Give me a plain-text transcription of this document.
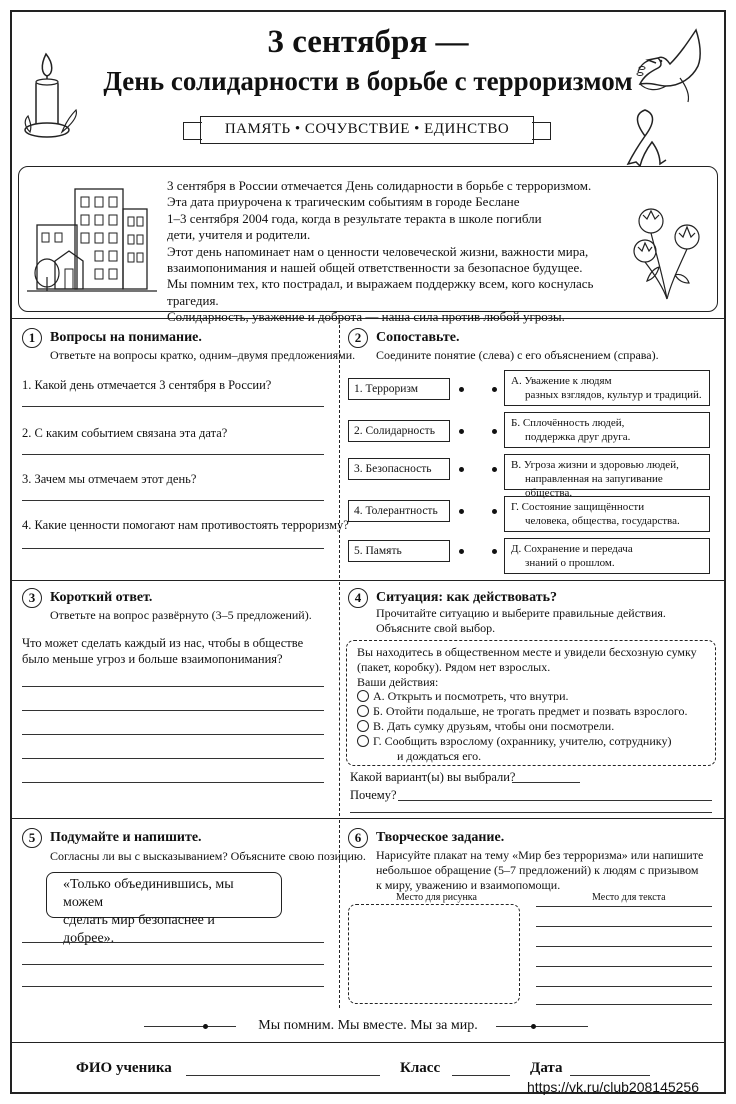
3 сентября —
День солидарности в борьбе с терроризмом
ПАМЯТЬ • СОЧУВСТВИЕ • ЕДИНСТВО

3 сентября в России отмечается День солидарности в борьбе с терроризмом.

Эта дата приурочена к трагическим событиям в городе Беслане

1–3 сентября 2004 года, когда в результате теракта в школе погибли

дети, учителя и родители.

Этот день напоминает нам о ценности человеческой жизни, важности мира,

взаимопонимания и нашей общей ответственности за безопасное будущее.

Мы помним тех, кто пострадал, и выражаем поддержку всем, кого коснулась трагедия.

Солидарность, уважение и доброта — наша сила против любой угрозы.

1	Вопросы на понимание.
Ответьте на вопросы кратко, одним–двумя предложениями.
1. Какой день отмечается 3 сентября в России?
2. С каким событием связана эта дата?
3. Зачем мы отмечаем этот день?
4. Какие ценности помогают нам противостоять терроризму?
2	Сопоставьте.
Соедините понятие (слева) с его объяснением (справа).
1. Терроризм
2. Солидарность
3. Безопасность
4. Толерантность
5. Память
А. Уважение к людям
разных взглядов, культур и традиций.
Б. Сплочённость людей,
поддержка друг друга.
В. Угроза жизни и здоровью людей,
направленная на запугивание общества.
Г. Состояние защищённости
человека, общества, государства.
Д. Сохранение и передача
знаний о прошлом.
3	Короткий ответ.
Ответьте на вопрос развёрнуто (3–5 предложений).
Что может сделать каждый из нас, чтобы в обществе
было меньше угроз и больше взаимопонимания?
4	Ситуация: как действовать?
Прочитайте ситуацию и выберите правильные действия.
Объясните свой выбор.
Вы находитесь в общественном месте и увидели бесхозную сумку
(пакет, коробку). Рядом нет взрослых.
Ваши действия:
А. Открыть и посмотреть, что внутри.
Б. Отойти подальше, не трогать предмет и позвать взрослого.
В. Дать сумку друзьям, чтобы они посмотрели.
Г. Сообщить взрослому (охраннику, учителю, сотруднику)
и дождаться его.
Какой вариант(ы) вы выбрали?
Почему?
5	Подумайте и напишите.
Согласны ли вы с высказыванием? Объясните свою позицию.
«Только объединившись, мы можем
сделать мир безопаснее и добрее».
6	Творческое задание.
Нарисуйте плакат на тему «Мир без терроризма» или напишите
небольшое обращение (5–7 предложений) к людям с призывом
к миру, уважению и взаимопомощи.
Место для рисунка	Место для текста
Мы помним. Мы вместе. Мы за мир.
ФИО ученика	Класс	Дата
https://vk.ru/club208145256
